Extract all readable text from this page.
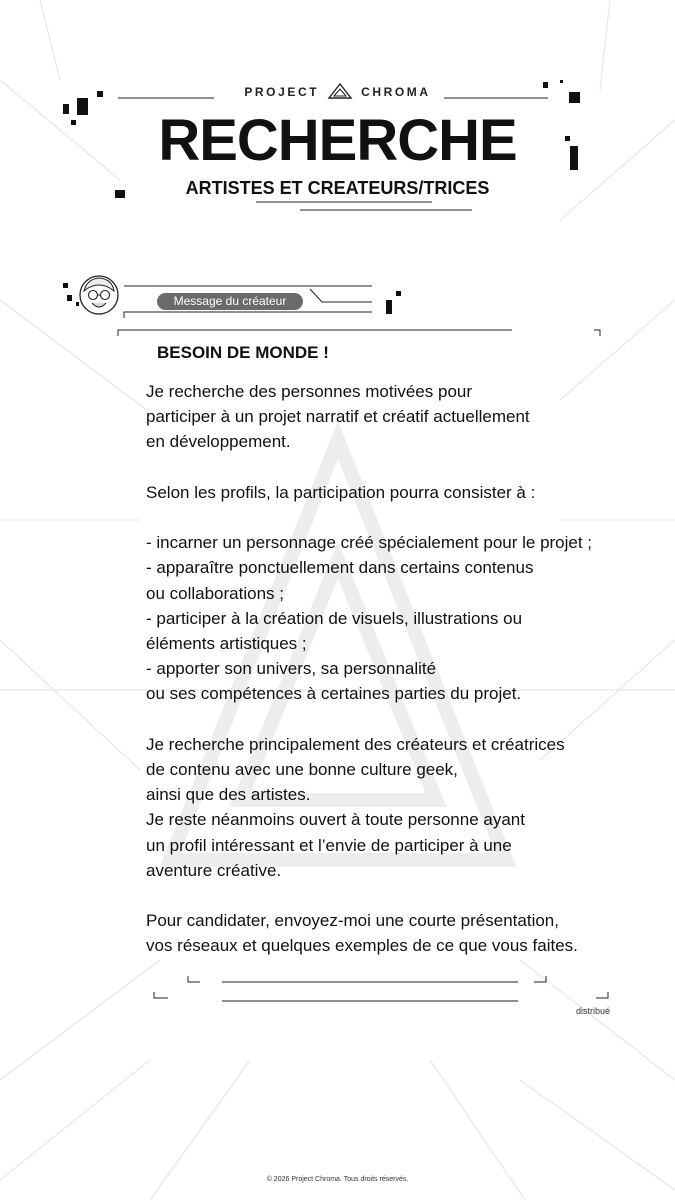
PROJECT	CHROMA
RECHERCHE
ARTISTES ET CREATEURS/TRICES
Message du créateur
BESOIN DE MONDE !

Je recherche des personnes motivées pour
participer à un projet narratif et créatif actuellement
en développement.

Selon les profils, la participation pourra consister à :

- incarner un personnage créé spécialement pour le projet ;
- apparaître ponctuellement dans certains contenus
ou collaborations ;
- participer à la création de visuels, illustrations ou
éléments artistiques ;
- apporter son univers, sa personnalité
ou ses compétences à certaines parties du projet.

Je recherche principalement des créateurs et créatrices
de contenu avec une bonne culture geek,
ainsi que des artistes.
Je reste néanmoins ouvert à toute personne ayant
un profil intéressant et l’envie de participer à une
aventure créative.

Pour candidater, envoyez-moi une courte présentation,
vos réseaux et quelques exemples de ce que vous faites.

distribué
© 2026 Project Chroma. Tous droits réservés.
